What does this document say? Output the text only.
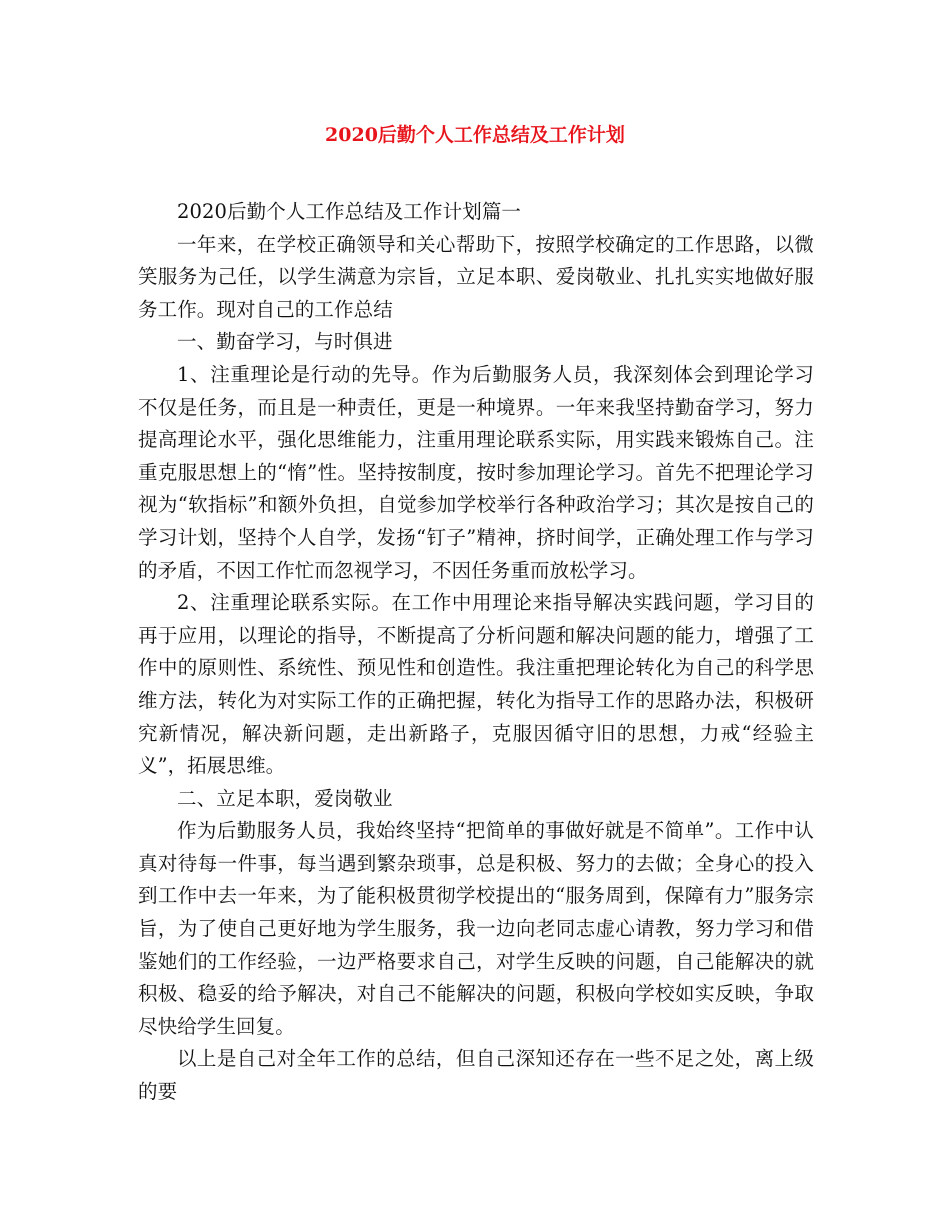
2020后勤个人工作总结及工作计划

2020后勤个人工作总结及工作计划篇一

一年来，在学校正确领导和关心帮助下，按照学校确定的工作思路，以微笑服务为己任，以学生满意为宗旨，立足本职、爱岗敬业、扎扎实实地做好服务工作。现对自己的工作总结

一、勤奋学习，与时俱进

1、注重理论是行动的先导。作为后勤服务人员，我深刻体会到理论学习不仅是任务，而且是一种责任，更是一种境界。一年来我坚持勤奋学习，努力提高理论水平，强化思维能力，注重用理论联系实际，用实践来锻炼自己。注重克服思想上的“惰”性。坚持按制度，按时参加理论学习。首先不把理论学习视为“软指标”和额外负担，自觉参加学校举行各种政治学习；其次是按自己的学习计划，坚持个人自学，发扬“钉子”精神，挤时间学，正确处理工作与学习的矛盾，不因工作忙而忽视学习，不因任务重而放松学习。

2、注重理论联系实际。在工作中用理论来指导解决实践问题，学习目的再于应用，以理论的指导，不断提高了分析问题和解决问题的能力，增强了工作中的原则性、系统性、预见性和创造性。我注重把理论转化为自己的科学思维方法，转化为对实际工作的正确把握，转化为指导工作的思路办法，积极研究新情况，解决新问题，走出新路子，克服因循守旧的思想，力戒“经验主义”，拓展思维。

二、立足本职，爱岗敬业

作为后勤服务人员，我始终坚持“把简单的事做好就是不简单”。工作中认真对待每一件事，每当遇到繁杂琐事，总是积极、努力的去做；全身心的投入到工作中去一年来，为了能积极贯彻学校提出的“服务周到，保障有力”服务宗旨，为了使自己更好地为学生服务，我一边向老同志虚心请教，努力学习和借鉴她们的工作经验，一边严格要求自己，对学生反映的问题，自己能解决的就积极、稳妥的给予解决，对自己不能解决的问题，积极向学校如实反映，争取尽快给学生回复。

以上是自己对全年工作的总结，但自己深知还存在一些不足之处，离上级的要
